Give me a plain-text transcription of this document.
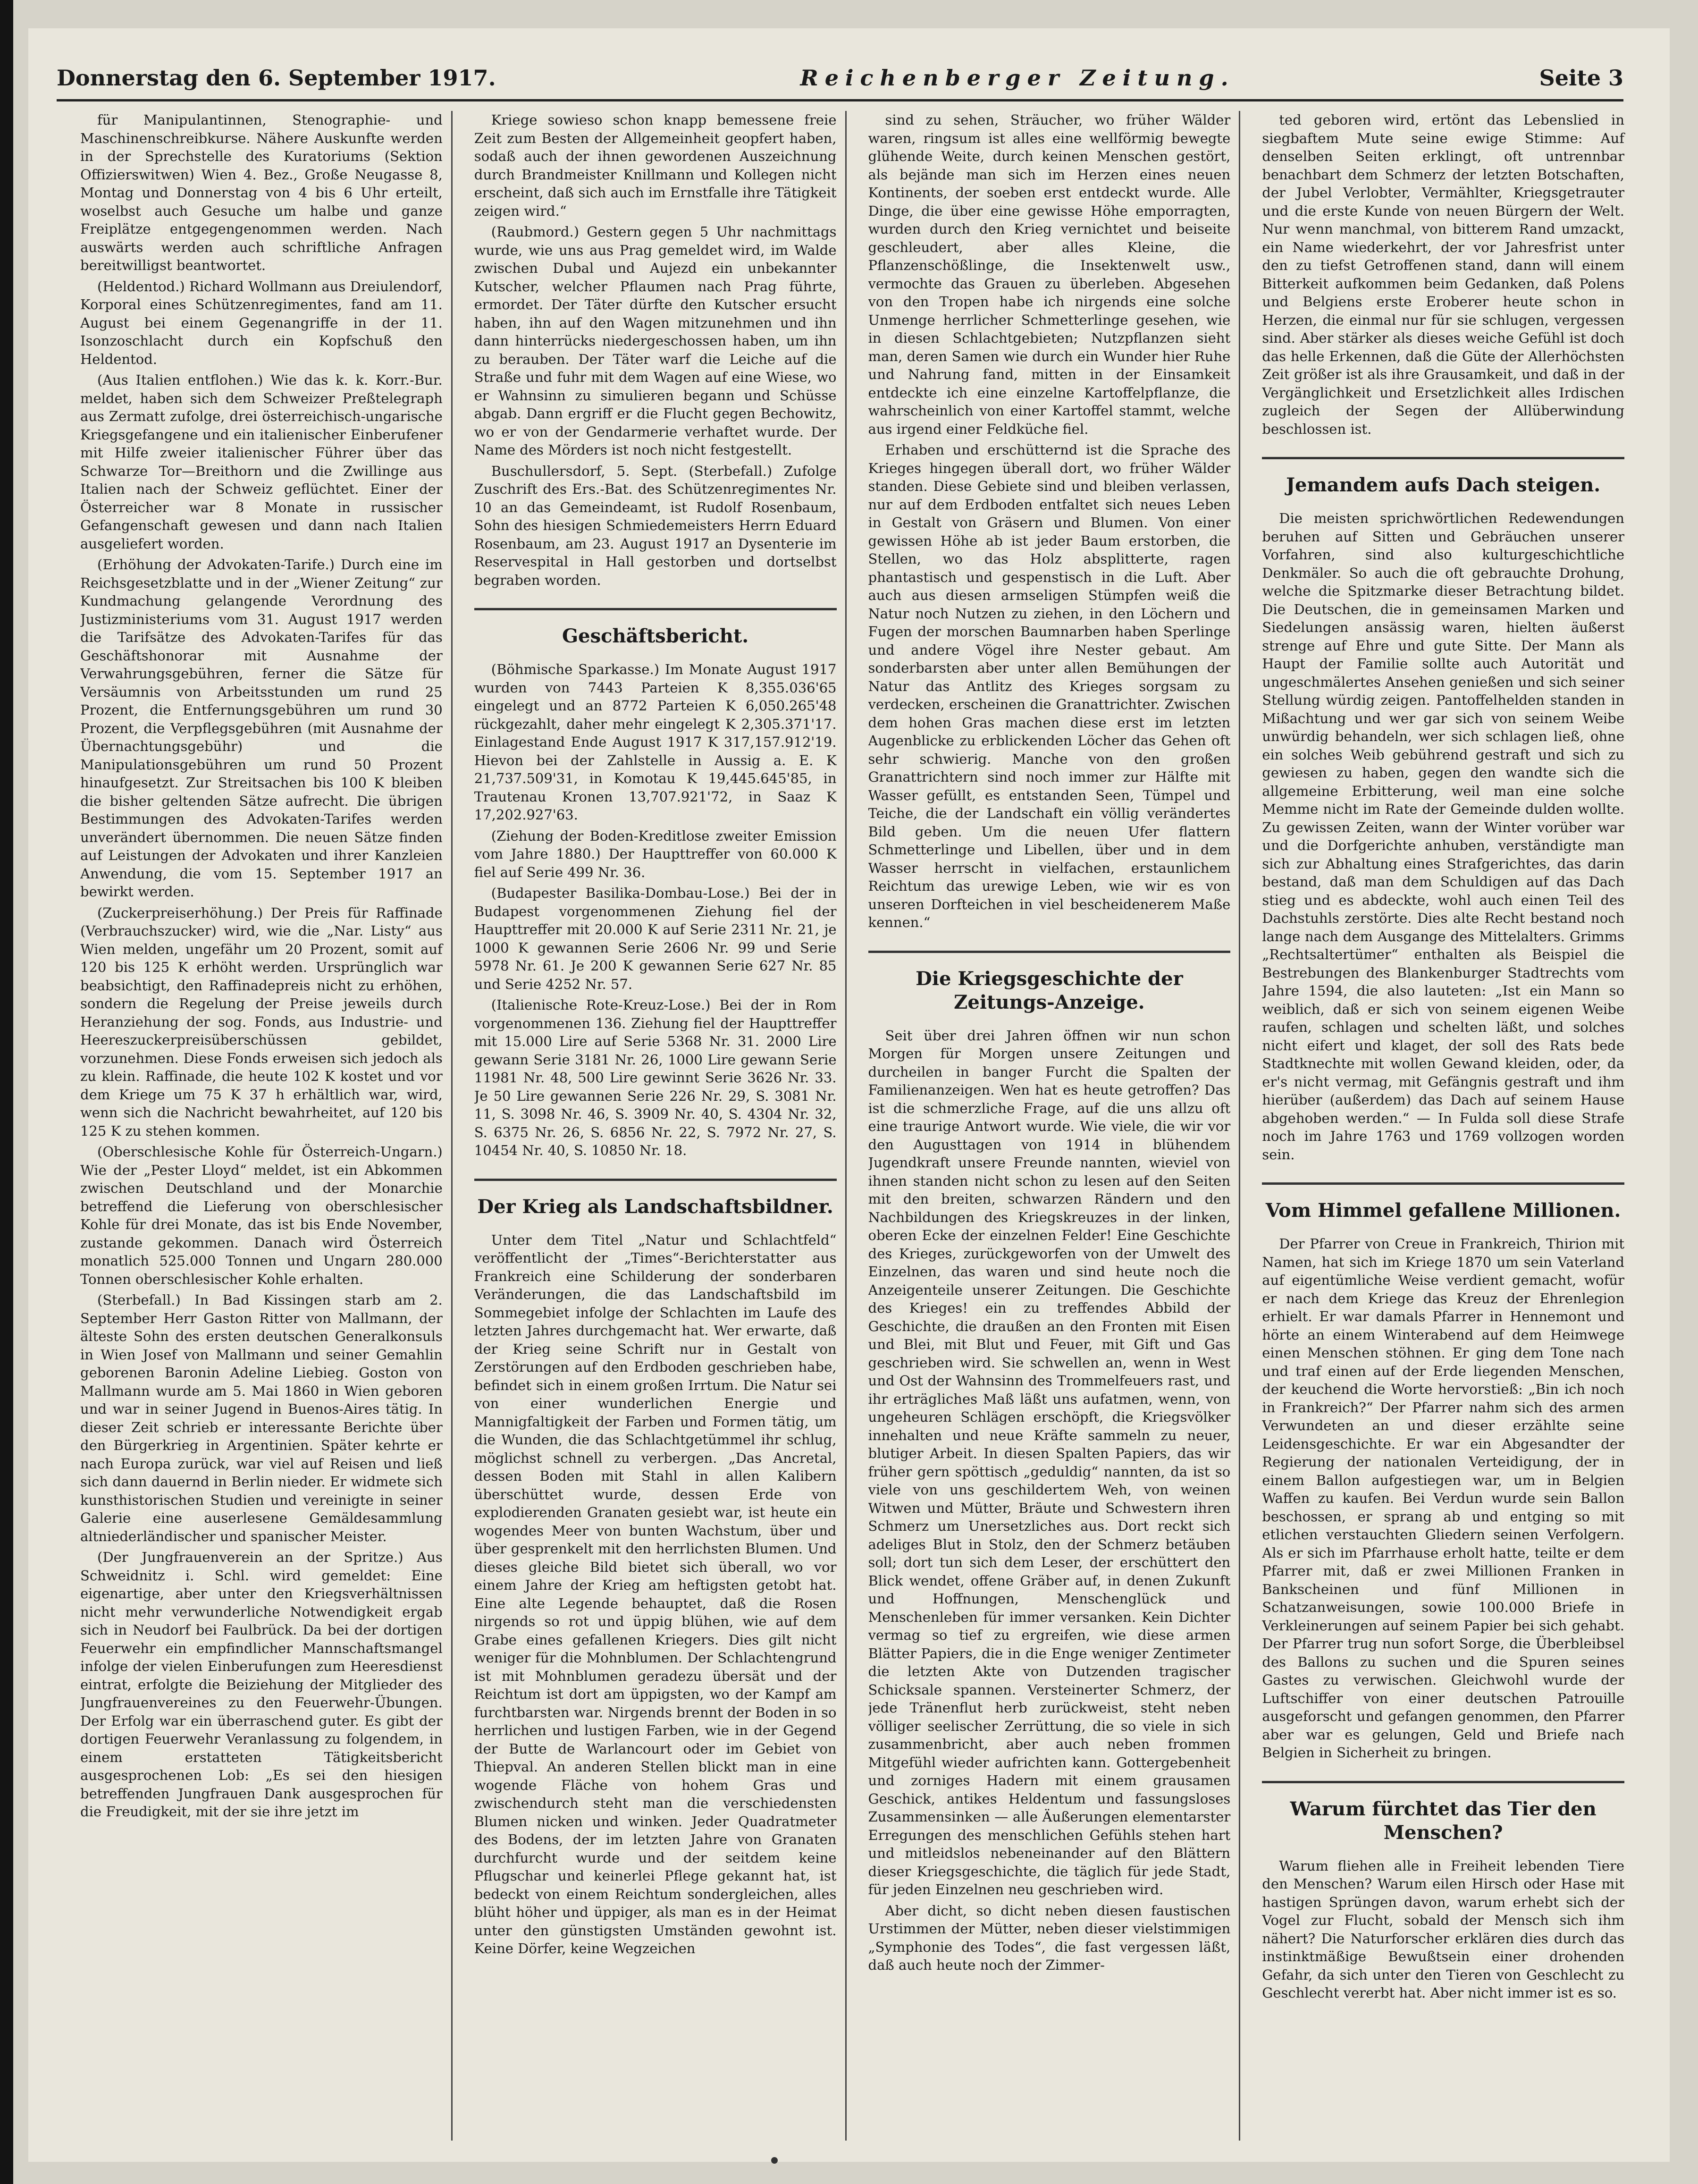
Donnerstag den 6. September 1917.	Reichenberger Zeitung.	Seite 3

für Manipulantinnen, Stenographie- und Maschinenschreibkurse. Nähere Auskunfte werden in der Sprechstelle des Kuratoriums (Sektion Offizierswitwen) Wien 4. Bez., Große Neugasse 8, Montag und Donnerstag von 4 bis 6 Uhr erteilt, woselbst auch Gesuche um halbe und ganze Freiplätze entgegengenommen werden. Nach auswärts werden auch schriftliche Anfragen bereitwilligst beantwortet.

(Heldentod.) Richard Wollmann aus Dreiulendorf, Korporal eines Schützenregimentes, fand am 11. August bei einem Gegenangriffe in der 11. Isonzoschlacht durch ein Kopfschuß den Heldentod.

(Aus Italien entflohen.) Wie das k. k. Korr.-Bur. meldet, haben sich dem Schweizer Preßtelegraph aus Zermatt zufolge, drei österreichisch-ungarische Kriegsgefangene und ein italienischer Einberufener mit Hilfe zweier italienischer Führer über das Schwarze Tor—Breithorn und die Zwillinge aus Italien nach der Schweiz geflüchtet. Einer der Österreicher war 8 Monate in russischer Gefangenschaft gewesen und dann nach Italien ausgeliefert worden.

(Erhöhung der Advokaten-Tarife.) Durch eine im Reichsgesetzblatte und in der „Wiener Zeitung“ zur Kundmachung gelangende Verordnung des Justizministeriums vom 31. August 1917 werden die Tarifsätze des Advokaten-Tarifes für das Geschäftshonorar mit Ausnahme der Verwahrungsgebühren, ferner die Sätze für Versäumnis von Arbeitsstunden um rund 25 Prozent, die Entfernungsgebühren um rund 30 Prozent, die Verpflegsgebühren (mit Ausnahme der Übernachtungsgebühr) und die Manipulationsgebühren um rund 50 Prozent hinaufgesetzt. Zur Streitsachen bis 100 K bleiben die bisher geltenden Sätze aufrecht. Die übrigen Bestimmungen des Advokaten-Tarifes werden unverändert übernommen. Die neuen Sätze finden auf Leistungen der Advokaten und ihrer Kanzleien Anwendung, die vom 15. September 1917 an bewirkt werden.

(Zuckerpreiserhöhung.) Der Preis für Raffinade (Verbrauchszucker) wird, wie die „Nar. Listy“ aus Wien melden, ungefähr um 20 Prozent, somit auf 120 bis 125 K erhöht werden. Ursprünglich war beabsichtigt, den Raffinadepreis nicht zu erhöhen, sondern die Regelung der Preise jeweils durch Heranziehung der sog. Fonds, aus Industrie- und Heereszuckerpreisüberschüssen gebildet, vorzunehmen. Diese Fonds erweisen sich jedoch als zu klein. Raffinade, die heute 102 K kostet und vor dem Kriege um 75 K 37 h erhältlich war, wird, wenn sich die Nachricht bewahrheitet, auf 120 bis 125 K zu stehen kommen.

(Oberschlesische Kohle für Österreich-Ungarn.) Wie der „Pester Lloyd“ meldet, ist ein Abkommen zwischen Deutschland und der Monarchie betreffend die Lieferung von oberschlesischer Kohle für drei Monate, das ist bis Ende November, zustande gekommen. Danach wird Österreich monatlich 525.000 Tonnen und Ungarn 280.000 Tonnen oberschlesischer Kohle erhalten.

(Sterbefall.) In Bad Kissingen starb am 2. September Herr Gaston Ritter von Mallmann, der älteste Sohn des ersten deutschen Generalkonsuls in Wien Josef von Mallmann und seiner Gemahlin geborenen Baronin Adeline Liebieg. Goston von Mallmann wurde am 5. Mai 1860 in Wien geboren und war in seiner Jugend in Buenos-Aires tätig. In dieser Zeit schrieb er interessante Berichte über den Bürgerkrieg in Argentinien. Später kehrte er nach Europa zurück, war viel auf Reisen und ließ sich dann dauernd in Berlin nieder. Er widmete sich kunsthistorischen Studien und vereinigte in seiner Galerie eine auserlesene Gemäldesammlung altniederländischer und spanischer Meister.

(Der Jungfrauenverein an der Spritze.) Aus Schweidnitz i. Schl. wird gemeldet: Eine eigenartige, aber unter den Kriegsverhältnissen nicht mehr verwunderliche Notwendigkeit ergab sich in Neudorf bei Faulbrück. Da bei der dortigen Feuerwehr ein empfindlicher Mannschaftsmangel infolge der vielen Einberufungen zum Heeresdienst eintrat, erfolgte die Beiziehung der Mitglieder des Jungfrauenvereines zu den Feuerwehr-Übungen. Der Erfolg war ein überraschend guter. Es gibt der dortigen Feuerwehr Veranlassung zu folgendem, in einem erstatteten Tätigkeitsbericht ausgesprochenen Lob: „Es sei den hiesigen betreffenden Jungfrauen Dank ausgesprochen für die Freudigkeit, mit der sie ihre jetzt im

Kriege sowieso schon knapp bemessene freie Zeit zum Besten der Allgemeinheit geopfert haben, sodaß auch der ihnen gewordenen Auszeichnung durch Brandmeister Knillmann und Kollegen nicht erscheint, daß sich auch im Ernstfalle ihre Tätigkeit zeigen wird.“

(Raubmord.) Gestern gegen 5 Uhr nachmittags wurde, wie uns aus Prag gemeldet wird, im Walde zwischen Dubal und Aujezd ein unbekannter Kutscher, welcher Pflaumen nach Prag führte, ermordet. Der Täter dürfte den Kutscher ersucht haben, ihn auf den Wagen mitzunehmen und ihn dann hinterrücks niedergeschossen haben, um ihn zu berauben. Der Täter warf die Leiche auf die Straße und fuhr mit dem Wagen auf eine Wiese, wo er Wahnsinn zu simulieren begann und Schüsse abgab. Dann ergriff er die Flucht gegen Bechowitz, wo er von der Gendarmerie verhaftet wurde. Der Name des Mörders ist noch nicht festgestellt.

Buschullersdorf, 5. Sept. (Sterbefall.) Zufolge Zuschrift des Ers.-Bat. des Schützenregimentes Nr. 10 an das Gemeindeamt, ist Rudolf Rosenbaum, Sohn des hiesigen Schmiedemeisters Herrn Eduard Rosenbaum, am 23. August 1917 an Dysenterie im Reservespital in Hall gestorben und dortselbst begraben worden.

Geschäftsbericht.

(Böhmische Sparkasse.) Im Monate August 1917 wurden von 7443 Parteien K 8,355.036'65 eingelegt und an 8772 Parteien K 6,050.265'48 rückgezahlt, daher mehr eingelegt K 2,305.371'17. Einlagestand Ende August 1917 K 317,157.912'19. Hievon bei der Zahlstelle in Aussig a. E. K 21,737.509'31, in Komotau K 19,445.645'85, in Trautenau Kronen 13,707.921'72, in Saaz K 17,202.927'63.

(Ziehung der Boden-Kreditlose zweiter Emission vom Jahre 1880.) Der Haupttreffer von 60.000 K fiel auf Serie 499 Nr. 36.

(Budapester Basilika-Dombau-Lose.) Bei der in Budapest vorgenommenen Ziehung fiel der Haupttreffer mit 20.000 K auf Serie 2311 Nr. 21, je 1000 K gewannen Serie 2606 Nr. 99 und Serie 5978 Nr. 61. Je 200 K gewannen Serie 627 Nr. 85 und Serie 4252 Nr. 57.

(Italienische Rote-Kreuz-Lose.) Bei der in Rom vorgenommenen 136. Ziehung fiel der Haupttreffer mit 15.000 Lire auf Serie 5368 Nr. 31. 2000 Lire gewann Serie 3181 Nr. 26, 1000 Lire gewann Serie 11981 Nr. 48, 500 Lire gewinnt Serie 3626 Nr. 33. Je 50 Lire gewannen Serie 226 Nr. 29, S. 3081 Nr. 11, S. 3098 Nr. 46, S. 3909 Nr. 40, S. 4304 Nr. 32, S. 6375 Nr. 26, S. 6856 Nr. 22, S. 7972 Nr. 27, S. 10454 Nr. 40, S. 10850 Nr. 18.

Der Krieg als Landschaftsbildner.

Unter dem Titel „Natur und Schlachtfeld“ veröffentlicht der „Times“-Berichterstatter aus Frankreich eine Schilderung der sonderbaren Veränderungen, die das Landschaftsbild im Sommegebiet infolge der Schlachten im Laufe des letzten Jahres durchgemacht hat. Wer erwarte, daß der Krieg seine Schrift nur in Gestalt von Zerstörungen auf den Erdboden geschrieben habe, befindet sich in einem großen Irrtum. Die Natur sei von einer wunderlichen Energie und Mannigfaltigkeit der Farben und Formen tätig, um die Wunden, die das Schlachtgetümmel ihr schlug, möglichst schnell zu verbergen. „Das Ancretal, dessen Boden mit Stahl in allen Kalibern überschüttet wurde, dessen Erde von explodierenden Granaten gesiebt war, ist heute ein wogendes Meer von bunten Wachstum, über und über gesprenkelt mit den herrlichsten Blumen. Und dieses gleiche Bild bietet sich überall, wo vor einem Jahre der Krieg am heftigsten getobt hat. Eine alte Legende behauptet, daß die Rosen nirgends so rot und üppig blühen, wie auf dem Grabe eines gefallenen Kriegers. Dies gilt nicht weniger für die Mohnblumen. Der Schlachtengrund ist mit Mohnblumen geradezu übersät und der Reichtum ist dort am üppigsten, wo der Kampf am furchtbarsten war. Nirgends brennt der Boden in so herrlichen und lustigen Farben, wie in der Gegend der Butte de Warlancourt oder im Gebiet von Thiepval. An anderen Stellen blickt man in eine wogende Fläche von hohem Gras und zwischendurch steht man die verschiedensten Blumen nicken und winken. Jeder Quadratmeter des Bodens, der im letzten Jahre von Granaten durchfurcht wurde und der seitdem keine Pflugschar und keinerlei Pflege gekannt hat, ist bedeckt von einem Reichtum sondergleichen, alles blüht höher und üppiger, als man es in der Heimat unter den günstigsten Umständen gewohnt ist. Keine Dörfer, keine Wegzeichen

sind zu sehen, Sträucher, wo früher Wälder waren, ringsum ist alles eine wellförmig bewegte glühende Weite, durch keinen Menschen gestört, als bejände man sich im Herzen eines neuen Kontinents, der soeben erst entdeckt wurde. Alle Dinge, die über eine gewisse Höhe emporragten, wurden durch den Krieg vernichtet und beiseite geschleudert, aber alles Kleine, die Pflanzenschößlinge, die Insektenwelt usw., vermochte das Grauen zu überleben. Abgesehen von den Tropen habe ich nirgends eine solche Unmenge herrlicher Schmetterlinge gesehen, wie in diesen Schlachtgebieten; Nutzpflanzen sieht man, deren Samen wie durch ein Wunder hier Ruhe und Nahrung fand, mitten in der Einsamkeit entdeckte ich eine einzelne Kartoffelpflanze, die wahrscheinlich von einer Kartoffel stammt, welche aus irgend einer Feldküche fiel.

Erhaben und erschütternd ist die Sprache des Krieges hingegen überall dort, wo früher Wälder standen. Diese Gebiete sind und bleiben verlassen, nur auf dem Erdboden entfaltet sich neues Leben in Gestalt von Gräsern und Blumen. Von einer gewissen Höhe ab ist jeder Baum erstorben, die Stellen, wo das Holz absplitterte, ragen phantastisch und gespenstisch in die Luft. Aber auch aus diesen armseligen Stümpfen weiß die Natur noch Nutzen zu ziehen, in den Löchern und Fugen der morschen Baumnarben haben Sperlinge und andere Vögel ihre Nester gebaut. Am sonderbarsten aber unter allen Bemühungen der Natur das Antlitz des Krieges sorgsam zu verdecken, erscheinen die Granattrichter. Zwischen dem hohen Gras machen diese erst im letzten Augenblicke zu erblickenden Löcher das Gehen oft sehr schwierig. Manche von den großen Granattrichtern sind noch immer zur Hälfte mit Wasser gefüllt, es entstanden Seen, Tümpel und Teiche, die der Landschaft ein völlig verändertes Bild geben. Um die neuen Ufer flattern Schmetterlinge und Libellen, über und in dem Wasser herrscht in vielfachen, erstaunlichem Reichtum das urewige Leben, wie wir es von unseren Dorfteichen in viel bescheidenerem Maße kennen.“

Die Kriegsgeschichte der Zeitungs-Anzeige.

Seit über drei Jahren öffnen wir nun schon Morgen für Morgen unsere Zeitungen und durcheilen in banger Furcht die Spalten der Familienanzeigen. Wen hat es heute getroffen? Das ist die schmerzliche Frage, auf die uns allzu oft eine traurige Antwort wurde. Wie viele, die wir vor den Augusttagen von 1914 in blühendem Jugendkraft unsere Freunde nannten, wieviel von ihnen standen nicht schon zu lesen auf den Seiten mit den breiten, schwarzen Rändern und den Nachbildungen des Kriegskreuzes in der linken, oberen Ecke der einzelnen Felder! Eine Geschichte des Krieges, zurückgeworfen von der Umwelt des Einzelnen, das waren und sind heute noch die Anzeigenteile unserer Zeitungen. Die Geschichte des Krieges! ein zu treffendes Abbild der Geschichte, die draußen an den Fronten mit Eisen und Blei, mit Blut und Feuer, mit Gift und Gas geschrieben wird. Sie schwellen an, wenn in West und Ost der Wahnsinn des Trommelfeuers rast, und ihr erträgliches Maß läßt uns aufatmen, wenn, von ungeheuren Schlägen erschöpft, die Kriegsvölker innehalten und neue Kräfte sammeln zu neuer, blutiger Arbeit. In diesen Spalten Papiers, das wir früher gern spöttisch „geduldig“ nannten, da ist so viele von uns geschildertem Weh, von weinen Witwen und Mütter, Bräute und Schwestern ihren Schmerz um Unersetzliches aus. Dort reckt sich adeliges Blut in Stolz, den der Schmerz betäuben soll; dort tun sich dem Leser, der erschüttert den Blick wendet, offene Gräber auf, in denen Zukunft und Hoffnungen, Menschenglück und Menschenleben für immer versanken. Kein Dichter vermag so tief zu ergreifen, wie diese armen Blätter Papiers, die in die Enge weniger Zentimeter die letzten Akte von Dutzenden tragischer Schicksale spannen. Versteinerter Schmerz, der jede Tränenflut herb zurückweist, steht neben völliger seelischer Zerrüttung, die so viele in sich zusammenbricht, aber auch neben frommen Mitgefühl wieder aufrichten kann. Gottergebenheit und zorniges Hadern mit einem grausamen Geschick, antikes Heldentum und fassungsloses Zusammensinken — alle Äußerungen elementarster Erregungen des menschlichen Gefühls stehen hart und mitleidslos nebeneinander auf den Blättern dieser Kriegsgeschichte, die täglich für jede Stadt, für jeden Einzelnen neu geschrieben wird.

Aber dicht, so dicht neben diesen faustischen Urstimmen der Mütter, neben dieser vielstimmigen „Symphonie des Todes“, die fast vergessen läßt, daß auch heute noch der Zimmer-

ted geboren wird, ertönt das Lebenslied in siegbaftem Mute seine ewige Stimme: Auf denselben Seiten erklingt, oft untrennbar benachbart dem Schmerz der letzten Botschaften, der Jubel Verlobter, Vermählter, Kriegsgetrauter und die erste Kunde von neuen Bürgern der Welt. Nur wenn manchmal, von bitterem Rand umzackt, ein Name wiederkehrt, der vor Jahresfrist unter den zu tiefst Getroffenen stand, dann will einem Bitterkeit aufkommen beim Gedanken, daß Polens und Belgiens erste Eroberer heute schon in Herzen, die einmal nur für sie schlugen, vergessen sind. Aber stärker als dieses weiche Gefühl ist doch das helle Erkennen, daß die Güte der Allerhöchsten Zeit größer ist als ihre Grausamkeit, und daß in der Vergänglichkeit und Ersetzlichkeit alles Irdischen zugleich der Segen der Allüberwindung beschlossen ist.

Jemandem aufs Dach steigen.

Die meisten sprichwörtlichen Redewendungen beruhen auf Sitten und Gebräuchen unserer Vorfahren, sind also kulturgeschichtliche Denkmäler. So auch die oft gebrauchte Drohung, welche die Spitzmarke dieser Betrachtung bildet. Die Deutschen, die in gemeinsamen Marken und Siedelungen ansässig waren, hielten äußerst strenge auf Ehre und gute Sitte. Der Mann als Haupt der Familie sollte auch Autorität und ungeschmälertes Ansehen genießen und sich seiner Stellung würdig zeigen. Pantoffelhelden standen in Mißachtung und wer gar sich von seinem Weibe unwürdig behandeln, wer sich schlagen ließ, ohne ein solches Weib gebührend gestraft und sich zu gewiesen zu haben, gegen den wandte sich die allgemeine Erbitterung, weil man eine solche Memme nicht im Rate der Gemeinde dulden wollte. Zu gewissen Zeiten, wann der Winter vorüber war und die Dorfgerichte anhuben, verständigte man sich zur Abhaltung eines Strafgerichtes, das darin bestand, daß man dem Schuldigen auf das Dach stieg und es abdeckte, wohl auch einen Teil des Dachstuhls zerstörte. Dies alte Recht bestand noch lange nach dem Ausgange des Mittelalters. Grimms „Rechtsaltertümer“ enthalten als Beispiel die Bestrebungen des Blankenburger Stadtrechts vom Jahre 1594, die also lauteten: „Ist ein Mann so weiblich, daß er sich von seinem eigenen Weibe raufen, schlagen und schelten läßt, und solches nicht eifert und klaget, der soll des Rats bede Stadtknechte mit wollen Gewand kleiden, oder, da er's nicht vermag, mit Gefängnis gestraft und ihm hierüber (außerdem) das Dach auf seinem Hause abgehoben werden.“ — In Fulda soll diese Strafe noch im Jahre 1763 und 1769 vollzogen worden sein.

Vom Himmel gefallene Millionen.

Der Pfarrer von Creue in Frankreich, Thirion mit Namen, hat sich im Kriege 1870 um sein Vaterland auf eigentümliche Weise verdient gemacht, wofür er nach dem Kriege das Kreuz der Ehrenlegion erhielt. Er war damals Pfarrer in Hennemont und hörte an einem Winterabend auf dem Heimwege einen Menschen stöhnen. Er ging dem Tone nach und traf einen auf der Erde liegenden Menschen, der keuchend die Worte hervorstieß: „Bin ich noch in Frankreich?“ Der Pfarrer nahm sich des armen Verwundeten an und dieser erzählte seine Leidensgeschichte. Er war ein Abgesandter der Regierung der nationalen Verteidigung, der in einem Ballon aufgestiegen war, um in Belgien Waffen zu kaufen. Bei Verdun wurde sein Ballon beschossen, er sprang ab und entging so mit etlichen verstauchten Gliedern seinen Verfolgern. Als er sich im Pfarrhause erholt hatte, teilte er dem Pfarrer mit, daß er zwei Millionen Franken in Bankscheinen und fünf Millionen in Schatzanweisungen, sowie 100.000 Briefe in Verkleinerungen auf seinem Papier bei sich gehabt. Der Pfarrer trug nun sofort Sorge, die Überbleibsel des Ballons zu suchen und die Spuren seines Gastes zu verwischen. Gleichwohl wurde der Luftschiffer von einer deutschen Patrouille ausgeforscht und gefangen genommen, den Pfarrer aber war es gelungen, Geld und Briefe nach Belgien in Sicherheit zu bringen.

Warum fürchtet das Tier den
Menschen?

Warum fliehen alle in Freiheit lebenden Tiere den Menschen? Warum eilen Hirsch oder Hase mit hastigen Sprüngen davon, warum erhebt sich der Vogel zur Flucht, sobald der Mensch sich ihm nähert? Die Naturforscher erklären dies durch das instinktmäßige Bewußtsein einer drohenden Gefahr, da sich unter den Tieren von Geschlecht zu Geschlecht vererbt hat. Aber nicht immer ist es so.
